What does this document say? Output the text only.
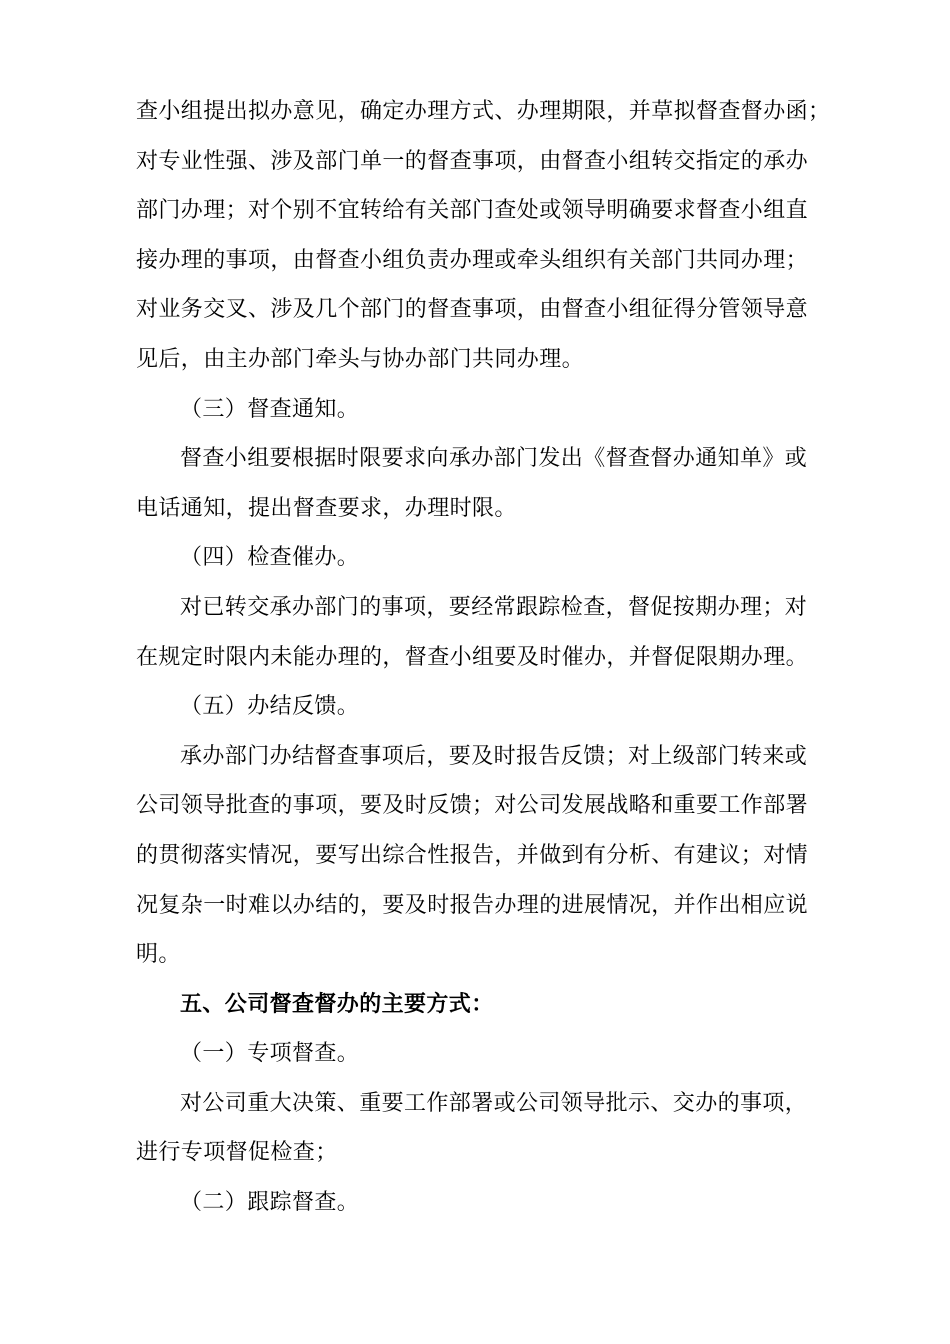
查小组提出拟办意见，确定办理方式、办理期限，并草拟督查督办函；
对专业性强、涉及部门单一的督查事项，由督查小组转交指定的承办
部门办理；对个别不宜转给有关部门查处或领导明确要求督查小组直
接办理的事项，由督查小组负责办理或牵头组织有关部门共同办理；
对业务交叉、涉及几个部门的督查事项，由督查小组征得分管领导意
见后，由主办部门牵头与协办部门共同办理。
（三）督查通知。
督查小组要根据时限要求向承办部门发出《督查督办通知单》或
电话通知，提出督查要求，办理时限。
（四）检查催办。
对已转交承办部门的事项，要经常跟踪检查，督促按期办理；对
在规定时限内未能办理的，督查小组要及时催办，并督促限期办理。
（五）办结反馈。
承办部门办结督查事项后，要及时报告反馈；对上级部门转来或
公司领导批查的事项，要及时反馈；对公司发展战略和重要工作部署
的贯彻落实情况，要写出综合性报告，并做到有分析、有建议；对情
况复杂一时难以办结的，要及时报告办理的进展情况，并作出相应说
明。
五、公司督查督办的主要方式：
（一）专项督查。
对公司重大决策、重要工作部署或公司领导批示、交办的事项，
进行专项督促检查；
（二）跟踪督查。
